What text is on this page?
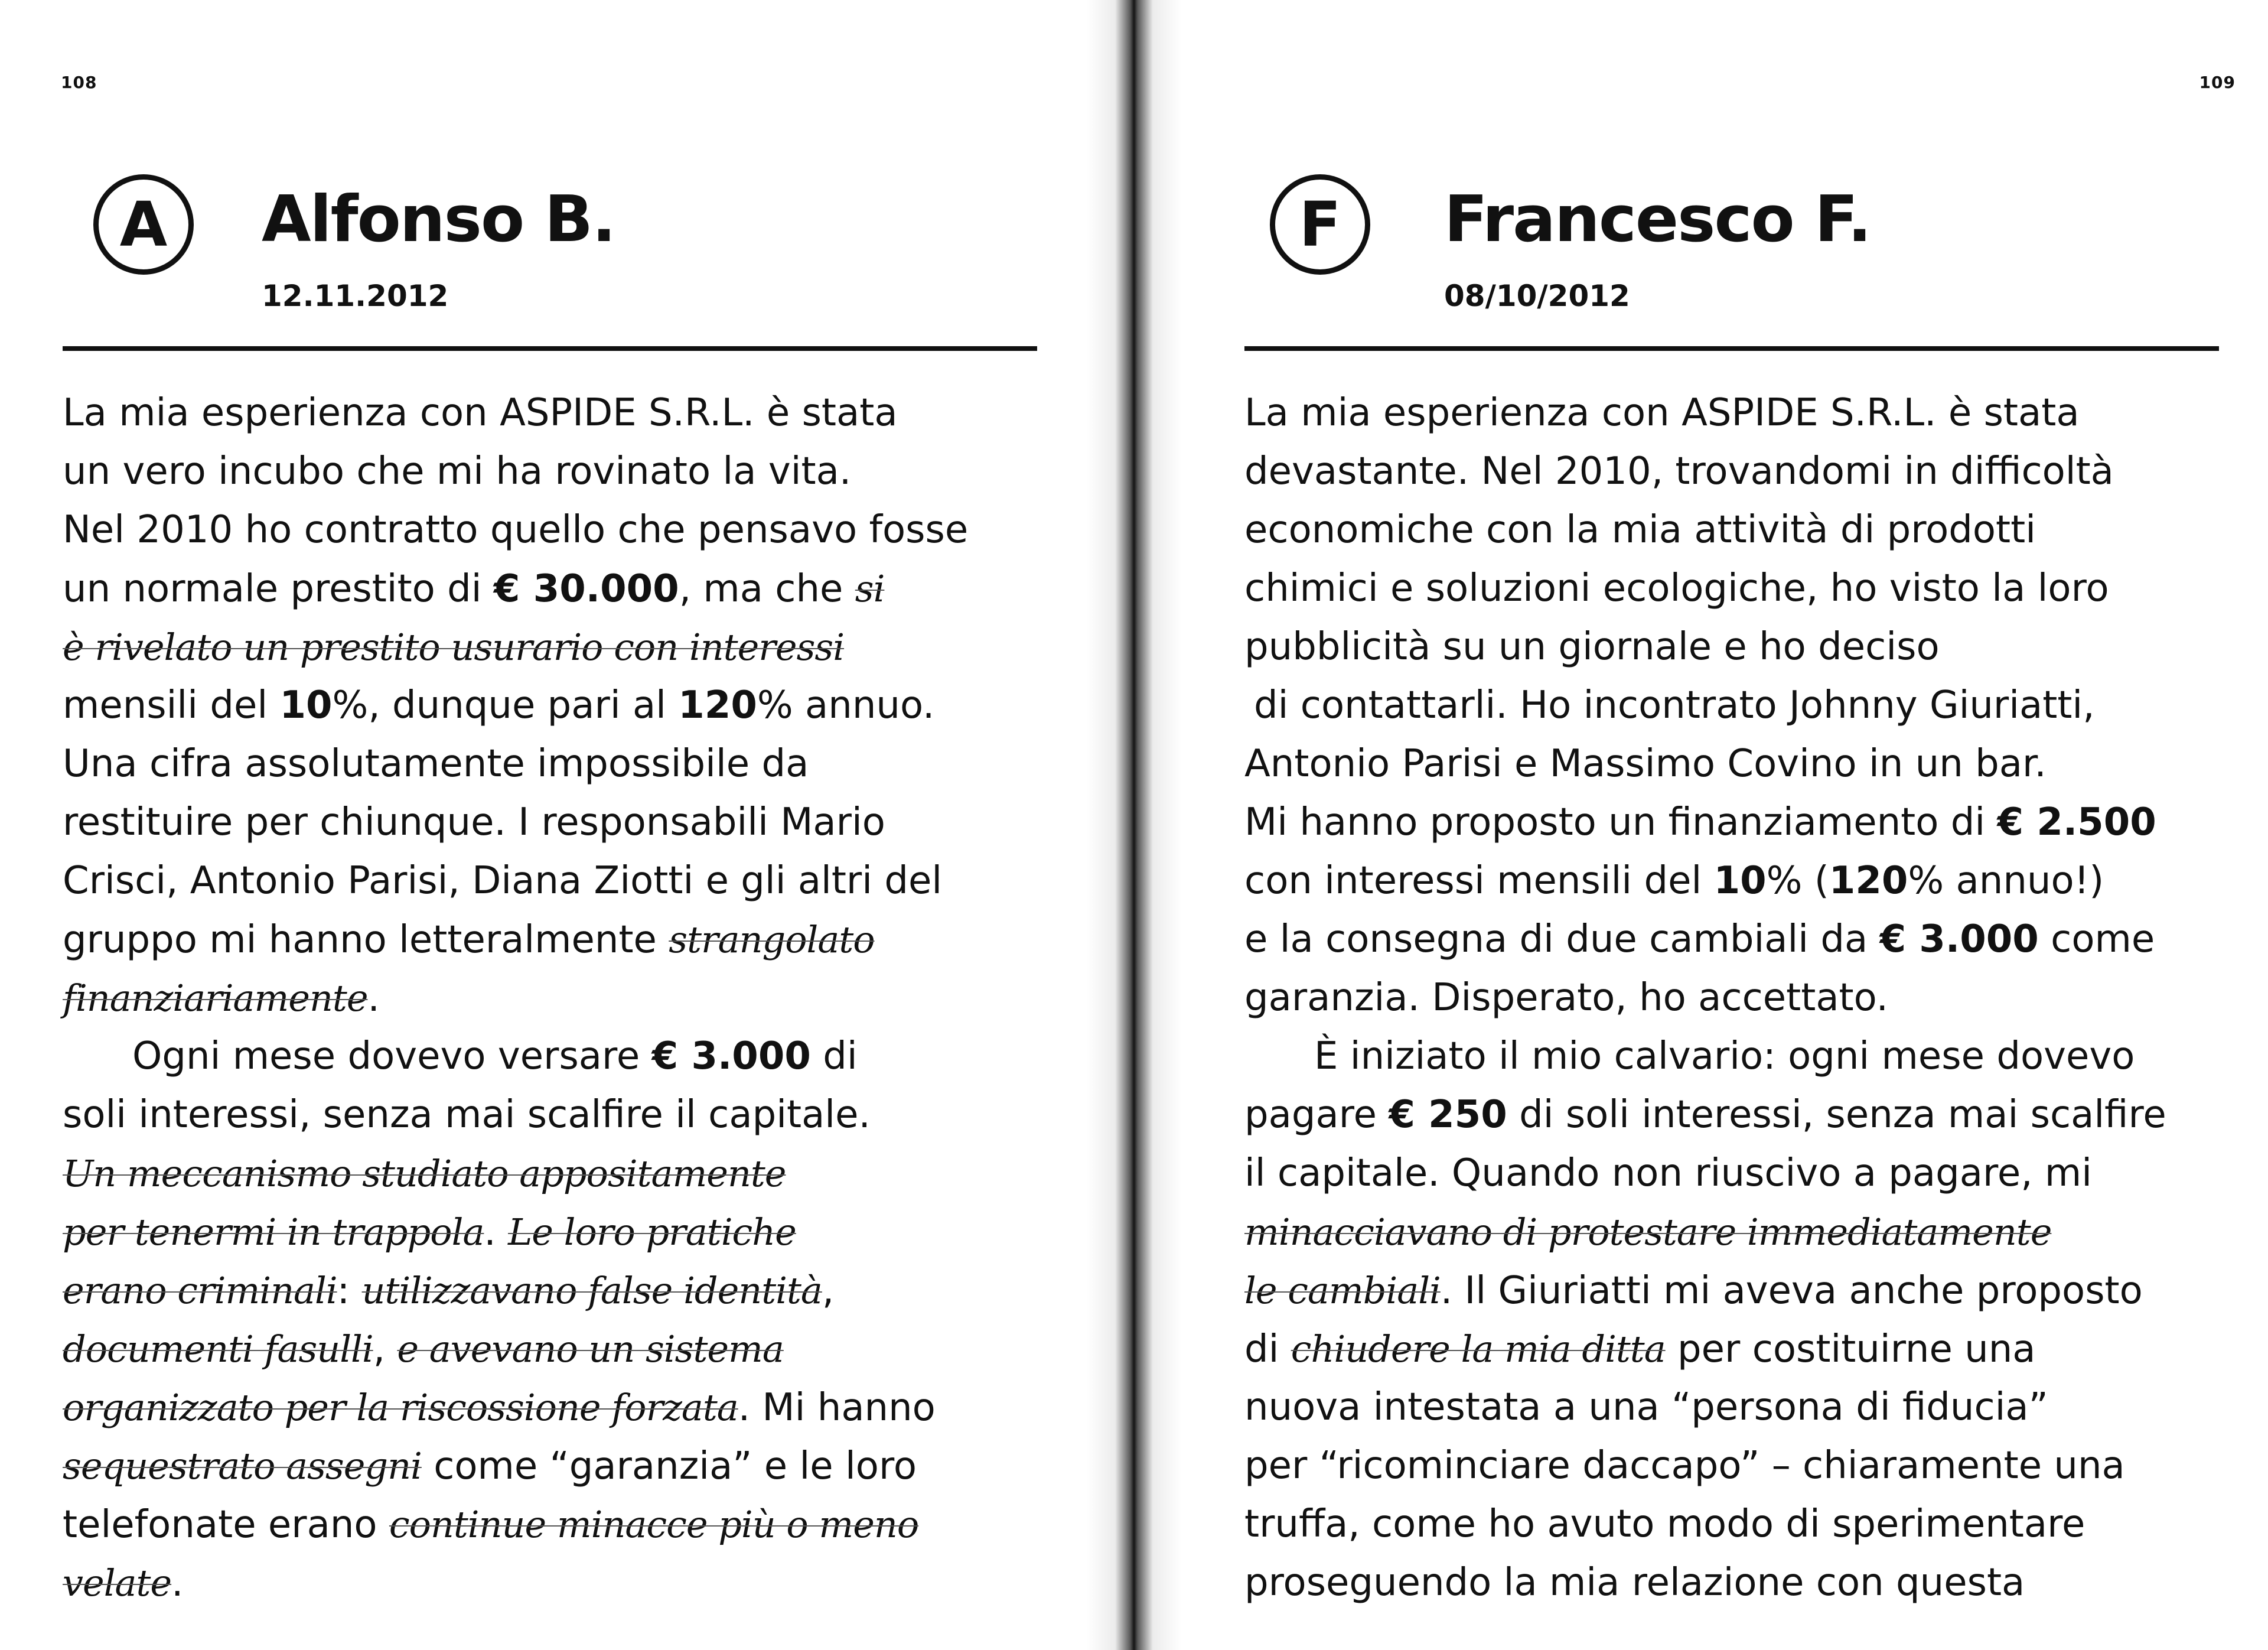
108
A Alfonso B.
12.11.2012
La mia esperienza con ASPIDE S.R.L. è stata
un vero incubo che mi ha rovinato la vita.
Nel 2010 ho contratto quello che pensavo fosse
un normale prestito di € 30.000, ma che si
è rivelato un prestito usurario con interessi
mensili del 10%, dunque pari al 120% annuo.
Una cifra assolutamente impossibile da
restituire per chiunque. I responsabili Mario
Crisci, Antonio Parisi, Diana Ziotti e gli altri del
gruppo mi hanno letteralmente strangolato
finanziariamente.
Ogni mese dovevo versare € 3.000 di
soli interessi, senza mai scalfire il capitale.
Un meccanismo studiato appositamente
per tenermi in trappola. Le loro pratiche
erano criminali: utilizzavano false identità,
documenti fasulli, e avevano un sistema
organizzato per la riscossione forzata. Mi hanno
sequestrato assegni come “garanzia” e le loro
telefonate erano continue minacce più o meno
velate.
109
F Francesco F.
08/10/2012
La mia esperienza con ASPIDE S.R.L. è stata
devastante. Nel 2010, trovandomi in difficoltà
economiche con la mia attività di prodotti
chimici e soluzioni ecologiche, ho visto la loro
pubblicità su un giornale e ho deciso
di contattarli. Ho incontrato Johnny Giuriatti,
Antonio Parisi e Massimo Covino in un bar.
Mi hanno proposto un finanziamento di € 2.500
con interessi mensili del 10% (120% annuo!)
e la consegna di due cambiali da € 3.000 come
garanzia. Disperato, ho accettato.
È iniziato il mio calvario: ogni mese dovevo
pagare € 250 di soli interessi, senza mai scalfire
il capitale. Quando non riuscivo a pagare, mi
minacciavano di protestare immediatamente
le cambiali. Il Giuriatti mi aveva anche proposto
di chiudere la mia ditta per costituirne una
nuova intestata a una “persona di fiducia”
per “ricominciare daccapo” – chiaramente una
truffa, come ho avuto modo di sperimentare
proseguendo la mia relazione con questa
